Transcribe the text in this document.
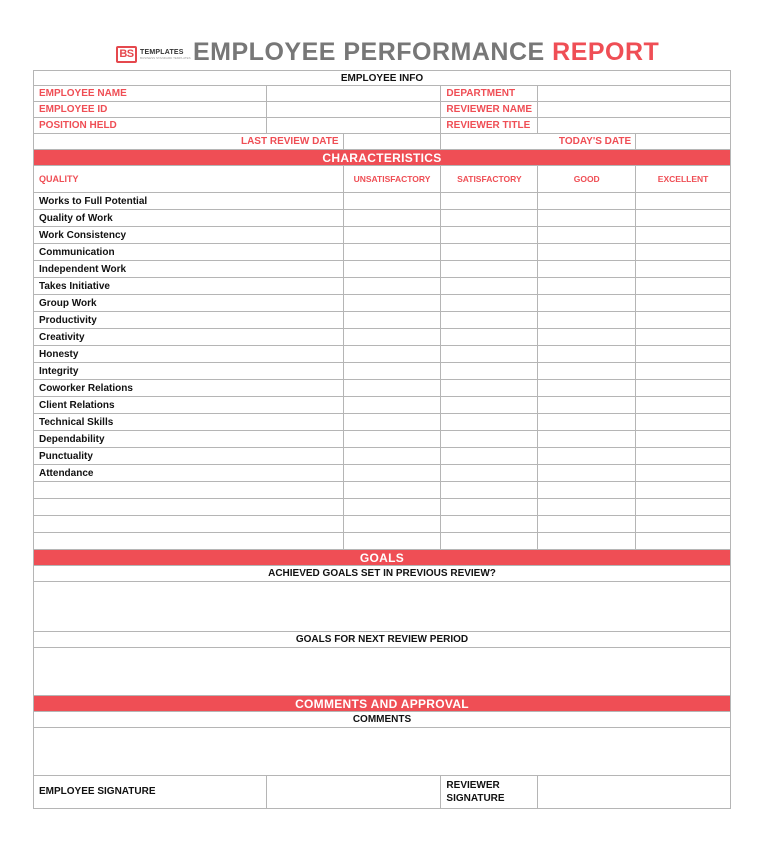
BS TEMPLATES
BUSINESS STANDARD TEMPLATES EMPLOYEE PERFORMANCE REPORT
EMPLOYEE INFO
EMPLOYEE NAME	DEPARTMENT
EMPLOYEE ID	REVIEWER NAME
POSITION HELD	REVIEWER TITLE
LAST REVIEW DATE	TODAY'S DATE
CHARACTERISTICS
QUALITY	UNSATISFACTORY	SATISFACTORY	GOOD	EXCELLENT
Works to Full Potential
Quality of Work
Work Consistency
Communication
Independent Work
Takes Initiative
Group Work
Productivity
Creativity
Honesty
Integrity
Coworker Relations
Client Relations
Technical Skills
Dependability
Punctuality
Attendance
GOALS
ACHIEVED GOALS SET IN PREVIOUS REVIEW?
GOALS FOR NEXT REVIEW PERIOD
COMMENTS AND APPROVAL
COMMENTS
EMPLOYEE SIGNATURE
REVIEWER SIGNATURE
